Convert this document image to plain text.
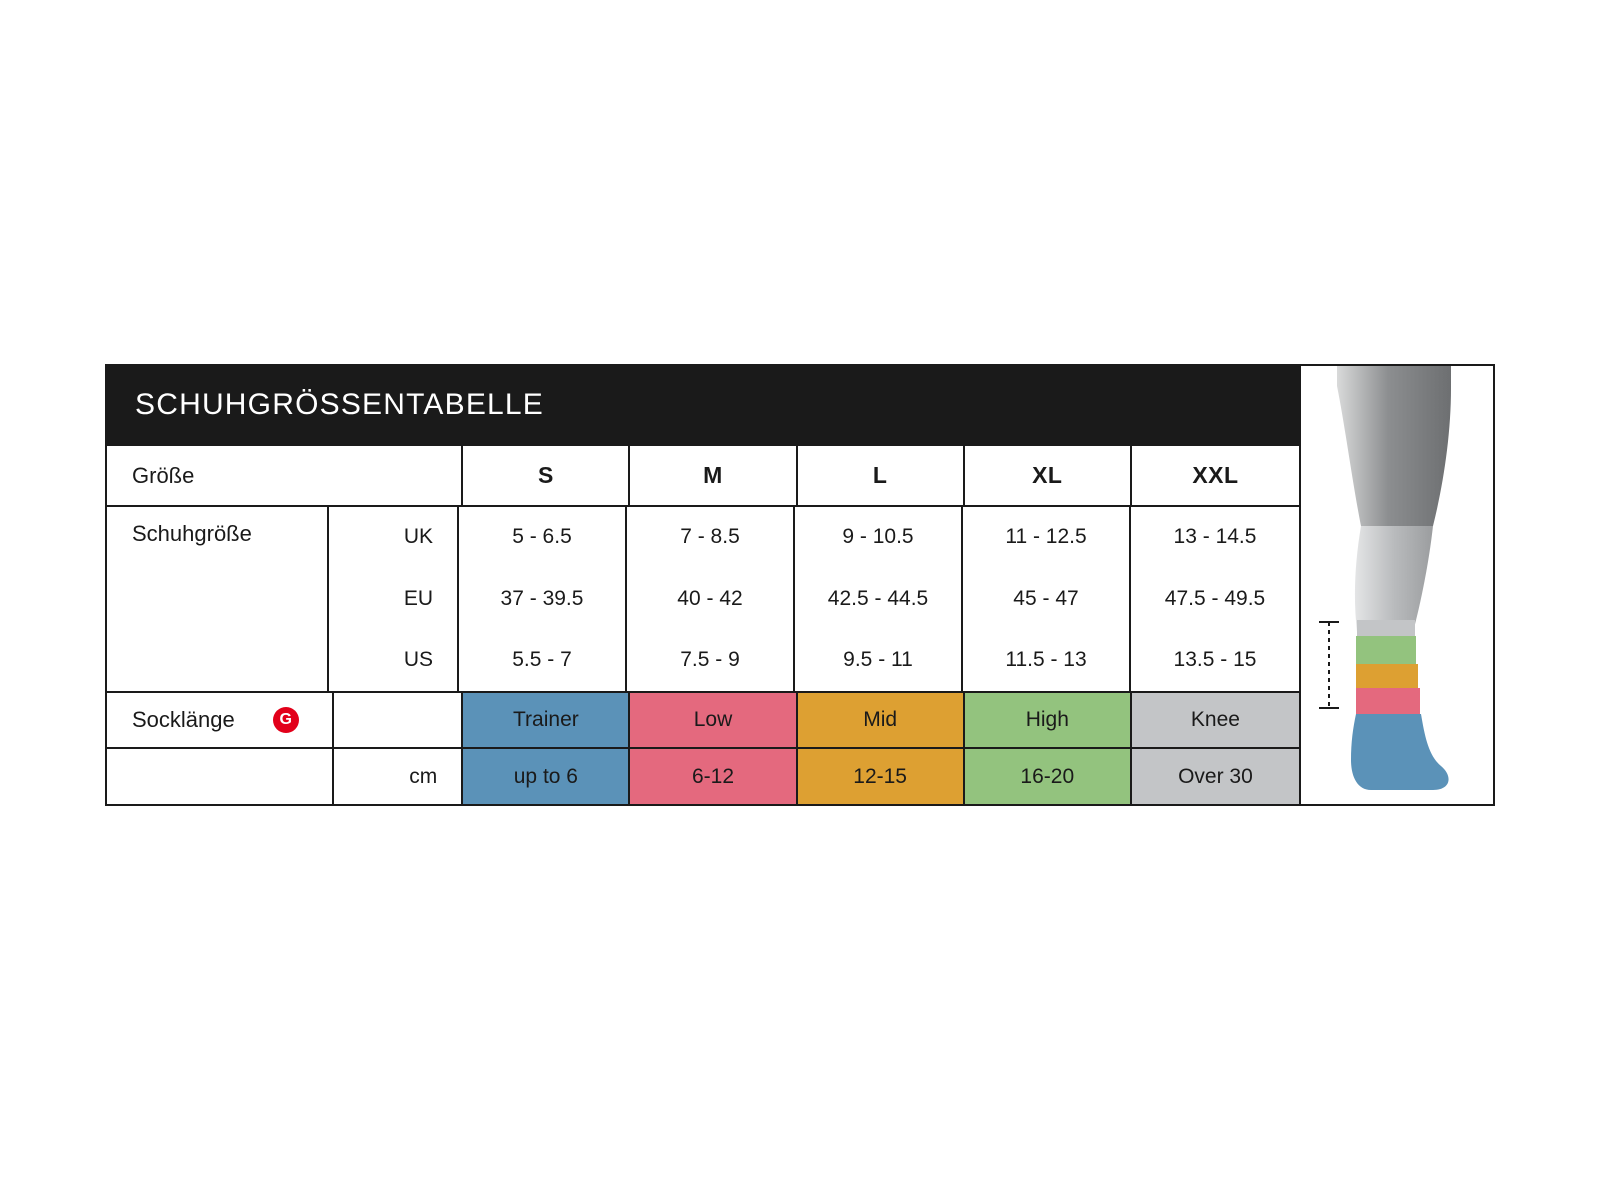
SCHUHGRÖSSENTABELLE
Größe	S	M	L	XL	XXL
Schuhgröße	UK	5 - 6.5	7 - 8.5	9 - 10.5	11 - 12.5	13 - 14.5
EU	37 - 39.5	40 - 42	42.5 - 44.5	45 - 47	47.5 - 49.5
US	5.5 - 7	7.5 - 9	9.5 - 11	11.5 - 13	13.5 - 15
Socklänge	G	Trainer	Low	Mid	High	Knee
cm	up to 6	6-12	12-15	16-20	Over 30
